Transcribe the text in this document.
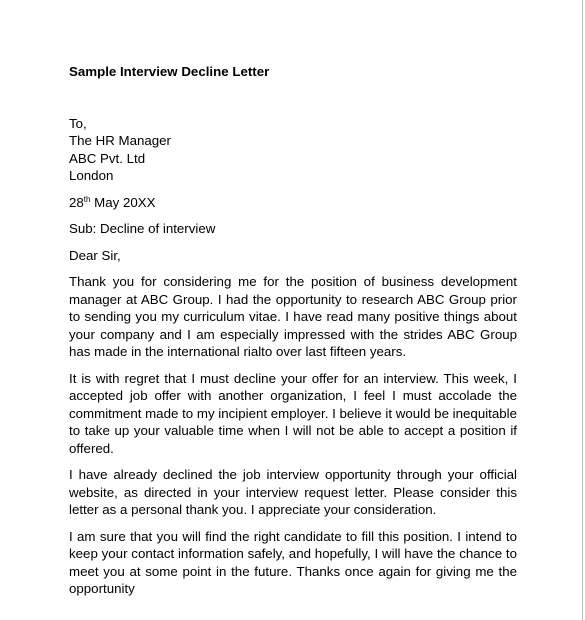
Sample Interview Decline Letter
To,
The HR Manager
ABC Pvt. Ltd
London
28th May 20XX
Sub: Decline of interview
Dear Sir,

Thank you for considering me for the position of business development manager at ABC Group. I had the opportunity to research ABC Group prior to sending you my curriculum vitae. I have read many positive things about your company and I am especially impressed with the strides ABC Group has made in the international rialto over last fifteen years.

It is with regret that I must decline your offer for an interview. This week, I accepted job offer with another organization, I feel I must accolade the commitment made to my incipient employer. I believe it would be inequitable to take up your valuable time when I will not be able to accept a position if offered.

I have already declined the job interview opportunity through your official website, as directed in your interview request letter. Please consider this letter as a personal thank you. I appreciate your consideration.

I am sure that you will find the right candidate to fill this position. I intend to keep your contact information safely, and hopefully, I will have the chance to meet you at some point in the future. Thanks once again for giving me the opportunity
